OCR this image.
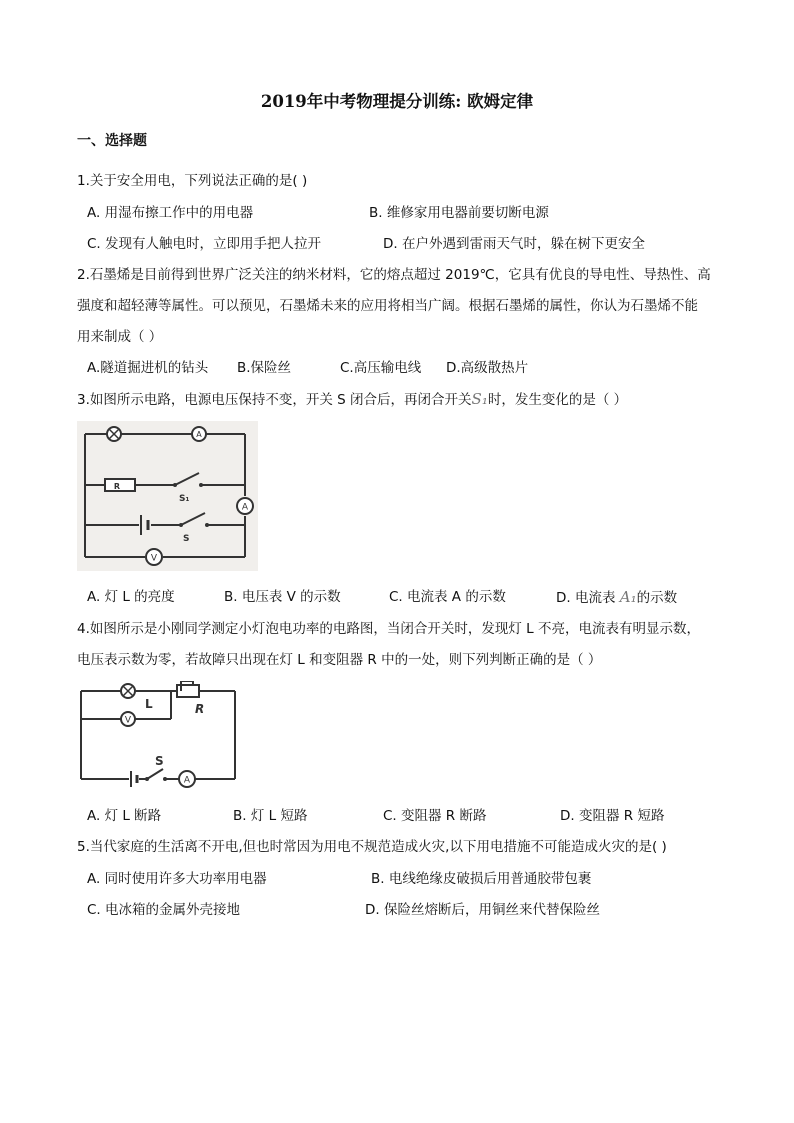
2019年中考物理提分训练: 欧姆定律
一、选择题
1.关于安全用电，下列说法正确的是( )
A. 用湿布擦工作中的用电器	B. 维修家用电器前要切断电源
C. 发现有人触电时，立即用手把人拉开	D. 在户外遇到雷雨天气时，躲在树下更安全
2.石墨烯是目前得到世界广泛关注的纳米材料，它的熔点超过 2019℃，它具有优良的导电性、导热性、高
强度和超轻薄等属性。可以预见，石墨烯未来的应用将相当广阔。根据石墨烯的属性，你认为石墨烯不能
用来制成（ ）
A.隧道掘进机的钻头 B.保险丝	C.高压输电线 D.高级散热片
3.如图所示电路，电源电压保持不变，开关 S 闭合后，再闭合开关S₁时，发生变化的是（ ）
A
A
V
R
S₁
S
A. 灯 L 的亮度	B. 电压表 V 的示数	C. 电流表 A 的示数	D. 电流表 A₁的示数
4.如图所示是小刚同学测定小灯泡电功率的电路图，当闭合开关时，发现灯 L 不亮，电流表有明显示数，
电压表示数为零，若故障只出现在灯 L 和变阻器 R 中的一处，则下列判断正确的是（ ）
V
A
L	R
S
A. 灯 L 断路	B. 灯 L 短路	C. 变阻器 R 断路	D. 变阻器 R 短路
5.当代家庭的生活离不开电,但也时常因为用电不规范造成火灾,以下用电措施不可能造成火灾的是( )
A. 同时使用许多大功率用电器	B. 电线绝缘皮破损后用普通胶带包裹
C. 电冰箱的金属外壳接地	D. 保险丝熔断后，用铜丝来代替保险丝
